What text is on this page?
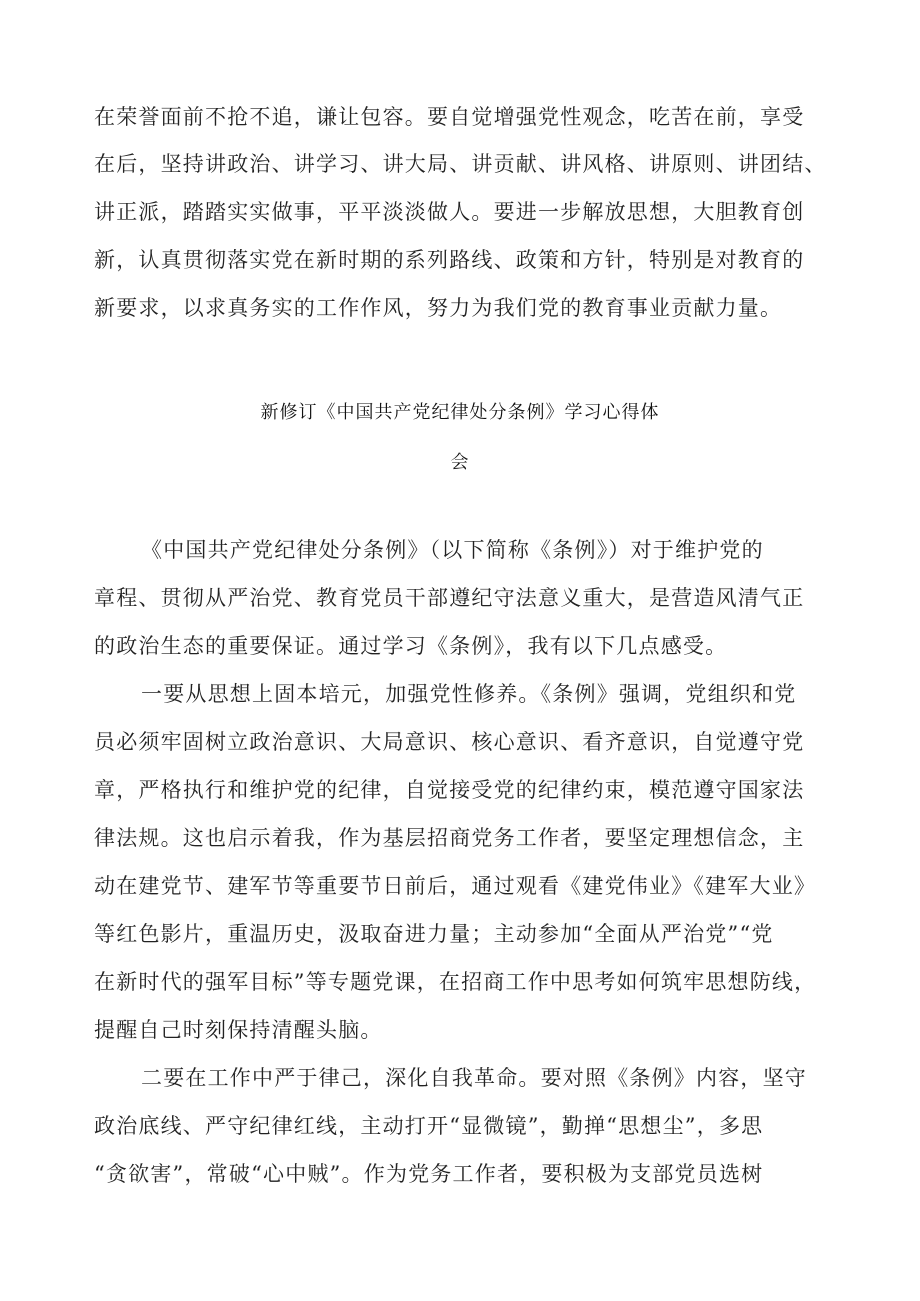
在荣誉面前不抢不追，谦让包容。要自觉增强党性观念，吃苦在前，享受
在后，坚持讲政治、讲学习、讲大局、讲贡献、讲风格、讲原则、讲团结、
讲正派，踏踏实实做事，平平淡淡做人。要进一步解放思想，大胆教育创
新，认真贯彻落实党在新时期的系列路线、政策和方针，特别是对教育的
新要求，以求真务实的工作作风，努力为我们党的教育事业贡献力量。
新修订《中国共产党纪律处分条例》学习心得体
会
《中国共产党纪律处分条例》（以下简称《条例》）对于维护党的
章程、贯彻从严治党、教育党员干部遵纪守法意义重大，是营造风清气正
的政治生态的重要保证。通过学习《条例》，我有以下几点感受。
一要从思想上固本培元，加强党性修养。《条例》强调，党组织和党
员必须牢固树立政治意识、大局意识、核心意识、看齐意识，自觉遵守党
章，严格执行和维护党的纪律，自觉接受党的纪律约束，模范遵守国家法
律法规。这也启示着我，作为基层招商党务工作者，要坚定理想信念，主
动在建党节、建军节等重要节日前后，通过观看《建党伟业》《建军大业》
等红色影片，重温历史，汲取奋进力量；主动参加“全面从严治党”“党
在新时代的强军目标”等专题党课，在招商工作中思考如何筑牢思想防线，
提醒自己时刻保持清醒头脑。
二要在工作中严于律己，深化自我革命。要对照《条例》内容，坚守
政治底线、严守纪律红线，主动打开“显微镜”，勤掸“思想尘”，多思
“贪欲害”，常破“心中贼”。作为党务工作者，要积极为支部党员选树
